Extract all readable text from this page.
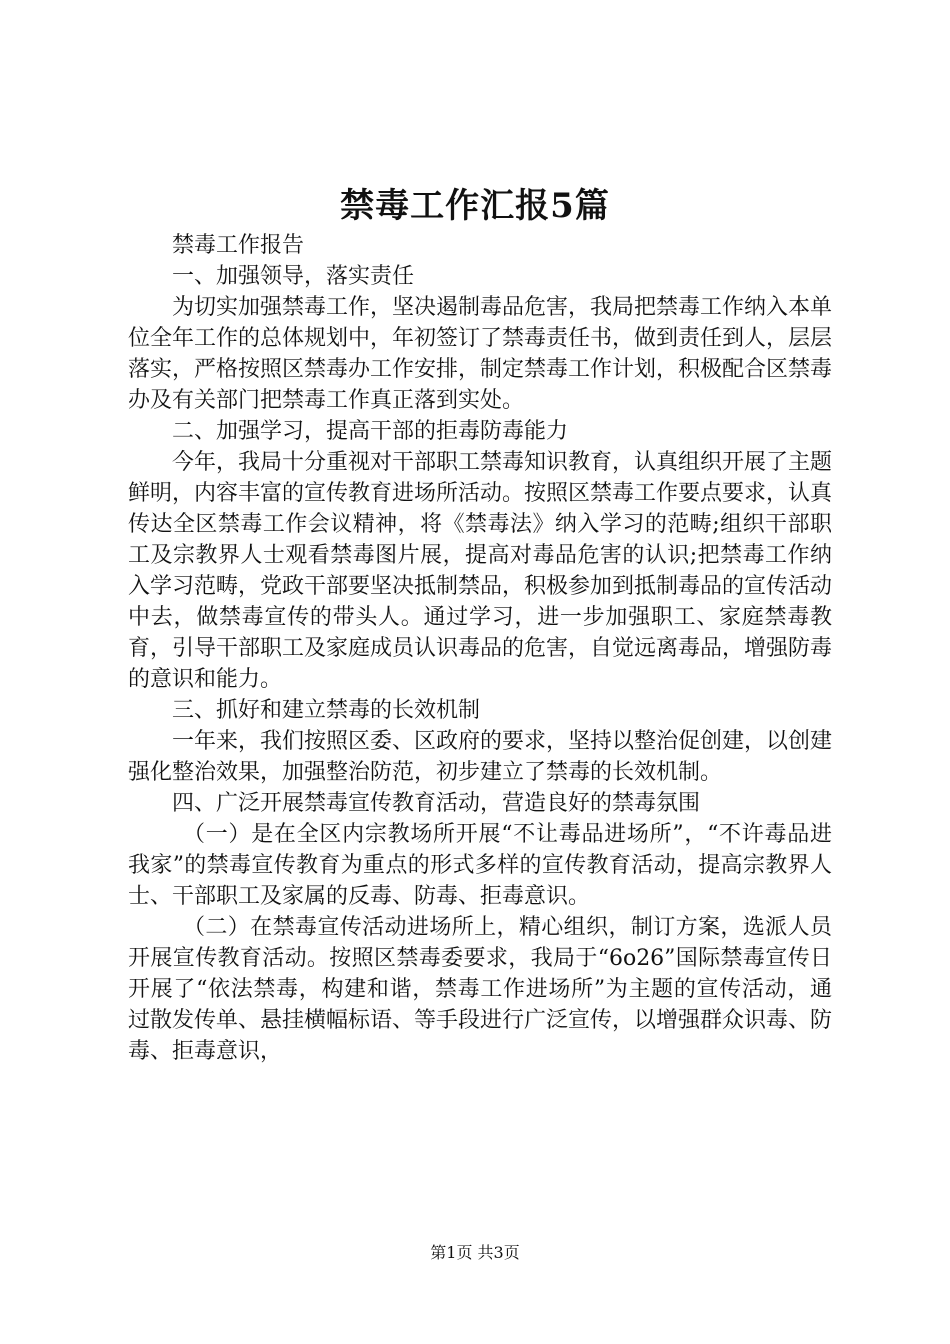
禁毒工作汇报5篇

禁毒工作报告

一、加强领导，落实责任

为切实加强禁毒工作，坚决遏制毒品危害，我局把禁毒工作纳入本单位全年工作的总体规划中，年初签订了禁毒责任书，做到责任到人，层层落实，严格按照区禁毒办工作安排，制定禁毒工作计划，积极配合区禁毒办及有关部门把禁毒工作真正落到实处。

二、加强学习，提高干部的拒毒防毒能力

今年，我局十分重视对干部职工禁毒知识教育，认真组织开展了主题鲜明，内容丰富的宣传教育进场所活动。按照区禁毒工作要点要求，认真传达全区禁毒工作会议精神，将《禁毒法》纳入学习的范畴;组织干部职工及宗教界人士观看禁毒图片展，提高对毒品危害的认识;把禁毒工作纳入学习范畴，党政干部要坚决抵制禁品，积极参加到抵制毒品的宣传活动中去，做禁毒宣传的带头人。通过学习，进一步加强职工、家庭禁毒教育，引导干部职工及家庭成员认识毒品的危害，自觉远离毒品，增强防毒的意识和能力。

三、抓好和建立禁毒的长效机制

一年来，我们按照区委、区政府的要求，坚持以整治促创建，以创建强化整治效果，加强整治防范，初步建立了禁毒的长效机制。

四、广泛开展禁毒宣传教育活动，营造良好的禁毒氛围

（一）是在全区内宗教场所开展“不让毒品进场所”，“不许毒品进我家”的禁毒宣传教育为重点的形式多样的宣传教育活动，提高宗教界人士、干部职工及家属的反毒、防毒、拒毒意识。

（二）在禁毒宣传活动进场所上，精心组织，制订方案，选派人员开展宣传教育活动。按照区禁毒委要求，我局于“6o26”国际禁毒宣传日开展了“依法禁毒，构建和谐，禁毒工作进场所”为主题的宣传活动，通过散发传单、悬挂横幅标语、等手段进行广泛宣传，以增强群众识毒、防毒、拒毒意识，

第1页 共3页
